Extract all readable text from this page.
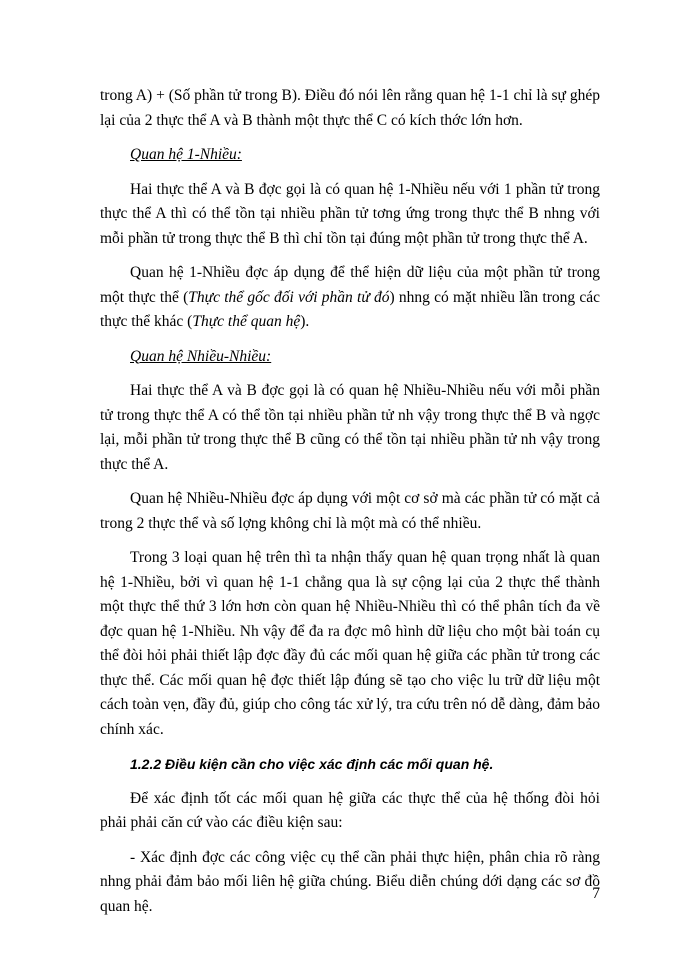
trong A) + (Số phần tử trong B). Điều đó nói lên rằng quan hệ 1-1 chỉ là sự ghép lại của 2 thực thể A và B thành một thực thể C có kích thớc lớn hơn.

Quan hệ 1-Nhiều:

Hai thực thể A và B đợc gọi là có quan hệ 1-Nhiều nếu với 1 phần tử trong thực thể A thì có thể tồn tại nhiều phần tử tơng ứng trong thực thể B nhng với mỗi phần tử trong thực thể B thì chỉ tồn tại đúng một phần tử trong thực thể A.

Quan hệ 1-Nhiều đợc áp dụng để thể hiện dữ liệu của một phần tử trong một thực thể (Thực thể gốc đối với phần tử đó) nhng có mặt nhiều lần trong các thực thể khác (Thực thể quan hệ).

Quan hệ Nhiều-Nhiều:

Hai thực thể A và B đợc gọi là có quan hệ Nhiều-Nhiều nếu với mỗi phần tử trong thực thể A có thể tồn tại nhiều phần tử nh vậy trong thực thể B và ngợc lại, mỗi phần tử trong thực thể B cũng có thể tồn tại nhiều phần tử nh vậy trong thực thể A.

Quan hệ Nhiều-Nhiều đợc áp dụng với một cơ sở mà các phần tử có mặt cả trong 2 thực thể và số lợng không chỉ là một mà có thể nhiều.

Trong 3 loại quan hệ trên thì ta nhận thấy quan hệ quan trọng nhất là quan hệ 1-Nhiều, bởi vì quan hệ 1-1 chẳng qua là sự cộng lại của 2 thực thể thành một thực thể thứ 3 lớn hơn còn quan hệ Nhiều-Nhiều thì có thể phân tích đa về đợc quan hệ 1-Nhiều. Nh vậy để đa ra đợc mô hình dữ liệu cho một bài toán cụ thể đòi hỏi phải thiết lập đợc đầy đủ các mối quan hệ giữa các phần tử trong các thực thể. Các mối quan hệ đợc thiết lập đúng sẽ tạo cho việc lu trữ dữ liệu một cách toàn vẹn, đầy đủ, giúp cho công tác xử lý, tra cứu trên nó dễ dàng, đảm bảo chính xác.

1.2.2 Điều kiện cần cho việc xác định các mối quan hệ.

Để xác định tốt các mối quan hệ giữa các thực thể của hệ thống đòi hỏi phải phải căn cứ vào các điều kiện sau:

- Xác định đợc các công việc cụ thể cần phải thực hiện, phân chia rõ ràng nhng phải đảm bảo mối liên hệ giữa chúng. Biểu diễn chúng dới dạng các sơ đồ quan hệ.

7
